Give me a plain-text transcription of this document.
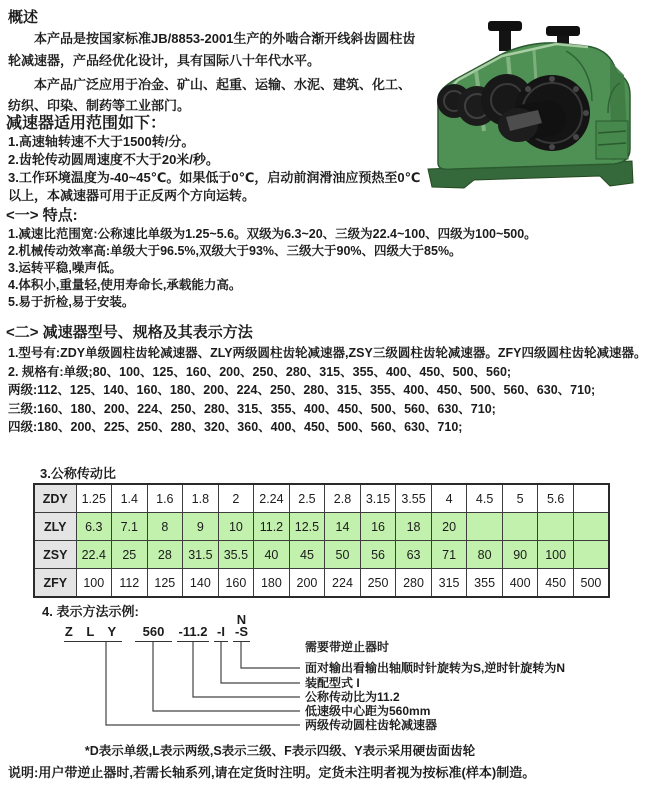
概述
本产品是按国家标准JB/8853-2001生产的外啮合渐开线斜齿圆柱齿轮减速器，产品经优化设计，具有国际八十年代水平。
本产品广泛应用于冶金、矿山、起重、运输、水泥、建筑、化工、纺织、印染、制药等工业部门。
减速器适用范围如下：
1.高速轴转速不大于1500转/分。
2.齿轮传动圆周速度不大于20米/秒。
3.工作环境温度为-40~45℃。如果低于0℃，启动前润滑油应预热至0℃以上，本减速器可用于正反两个方向运转。
<一> 特点:
1.减速比范围宽:公称速比单级为1.25~5.6。双级为6.3~20、三级为22.4~100、四级为100~500。
2.机械传动效率高:单级大于96.5%,双级大于93%、三级大于90%、四级大于85%。
3.运转平稳,噪声低。
4.体积小,重量轻,使用寿命长,承载能力高。
5.易于折检,易于安装。
<二> 减速器型号、规格及其表示方法
1.型号有:ZDY单级圆柱齿轮减速器、ZLY两级圆柱齿轮减速器,ZSY三级圆柱齿轮减速器。ZFY四级圆柱齿轮减速器。
2. 规格有:单级;80、100、125、160、200、250、280、315、355、400、450、500、560;
两级:112、125、140、160、180、200、224、250、280、315、355、400、450、500、560、630、710;
三级:160、180、200、224、250、280、315、355、400、450、500、560、630、710;
四级:180、200、225、250、280、320、360、400、450、500、560、630、710;
3.公称传动比
ZDY	1.25	1.4	1.6	1.8	2	2.24	2.5	2.8	3.15	3.55	4	4.5	5	5.6	
ZLY	6.3	7.1	8	9	10	11.2	12.5	14	16	18	20				
ZSY	22.4	25	28	31.5	35.5	40	45	50	56	63	71	80	90	100	
ZFY	100	112	125	140	160	180	200	224	250	280	315	355	400	450	500
4. 表示方法示例:
N
Z L Y	560	-11.2 -I -S
需要带逆止器时
面对输出看输出轴顺时针旋转为S,逆时针旋转为N
装配型式 I
公称传动比为11.2
低速级中心距为560mm
两级传动圆柱齿轮减速器
*D表示单级,L表示两级,S表示三级、F表示四级、Y表示采用硬齿面齿轮
说明:用户带逆止器时,若需长轴系列,请在定货时注明。定货未注明者视为按标准(样本)制造。
